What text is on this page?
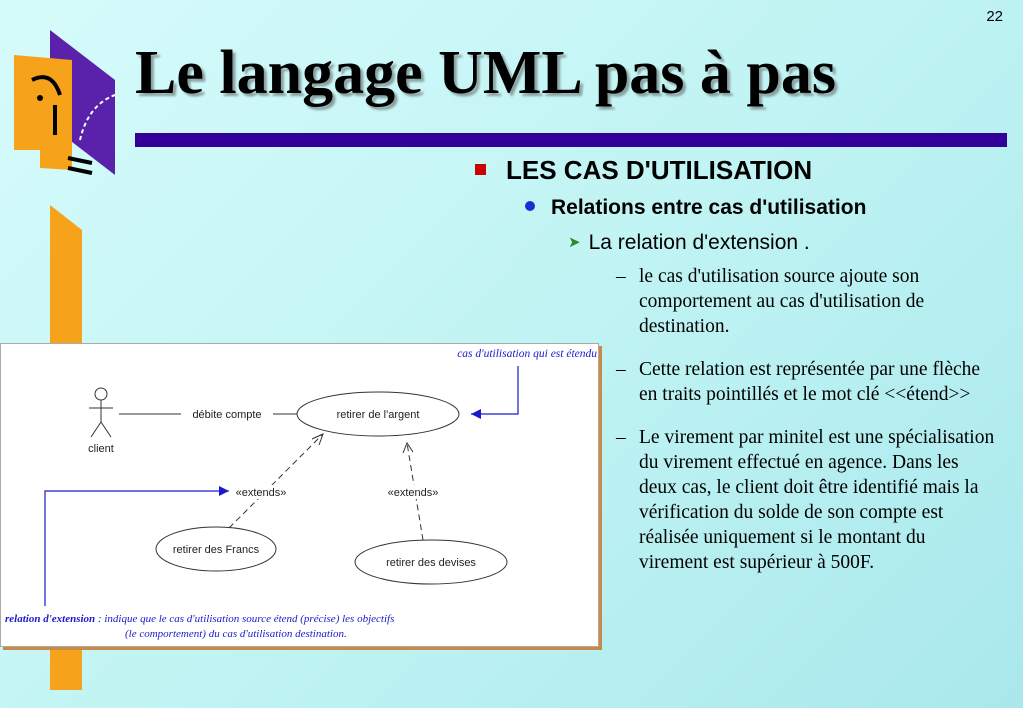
22
Le langage UML pas à pas
LES CAS D'UTILISATION
Relations entre cas d'utilisation
➤ La relation d'extension .
– le cas d'utilisation source ajoute son comportement au cas d'utilisation de destination.
– Cette relation est représentée par une flèche en traits pointillés et le mot clé <<étend>>
– Le virement par minitel est une spécialisation du virement effectué en agence. Dans les deux cas, le client doit être identifié mais la vérification du solde de son compte est réalisée uniquement si le montant du virement est supérieur à 500F.
client
débite compte	retirer de l'argent
retirer des Francs
retirer des devises
«extends»	«extends»
cas d'utilisation qui est étendu
relation d'extension : indique que le cas d'utilisation source étend (précise) les objectifs
(le comportement) du cas d'utilisation destination.
